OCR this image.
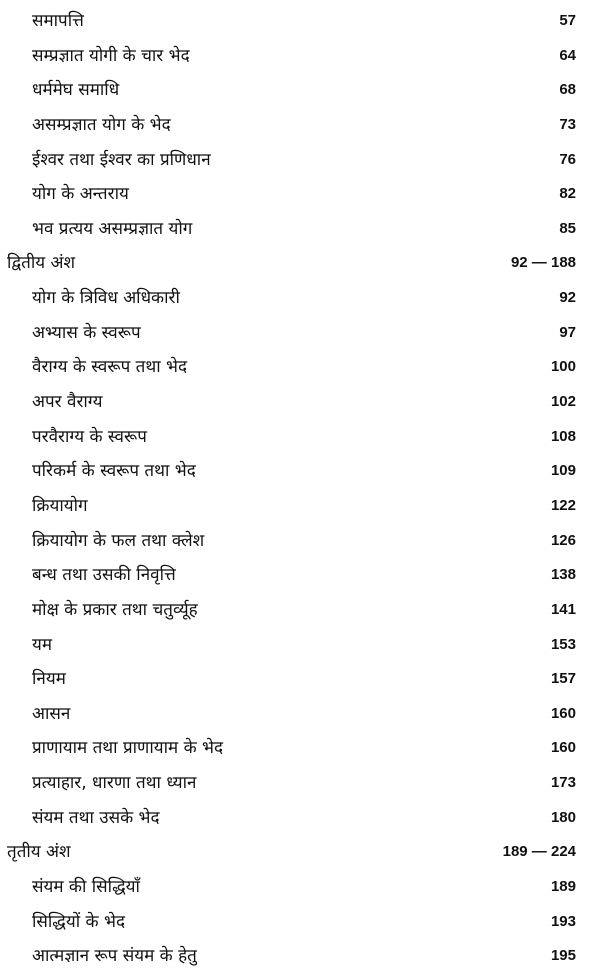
समापत्ति	57
सम्प्रज्ञात योगी के चार भेद	64
धर्ममेघ समाधि	68
असम्प्रज्ञात योग के भेद	73
ईश्वर तथा ईश्वर का प्रणिधान	76
योग के अन्तराय	82
भव प्रत्यय असम्प्रज्ञात योग	85
द्वितीय अंश	92 — 188
योग के त्रिविध अधिकारी	92
अभ्यास के स्वरूप	97
वैराग्य के स्वरूप तथा भेद	100
अपर वैराग्य	102
परवैराग्य के स्वरूप	108
परिकर्म के स्वरूप तथा भेद	109
क्रियायोग	122
क्रियायोग के फल तथा क्लेश	126
बन्ध तथा उसकी निवृत्ति	138
मोक्ष के प्रकार तथा चतुर्व्यूह	141
यम	153
नियम	157
आसन	160
प्राणायाम तथा प्राणायाम के भेद	160
प्रत्याहार, धारणा तथा ध्यान	173
संयम तथा उसके भेद	180
तृतीय अंश	189 — 224
संयम की सिद्धियाँ	189
सिद्धियों के भेद	193
आत्मज्ञान रूप संयम के हेतु	195
